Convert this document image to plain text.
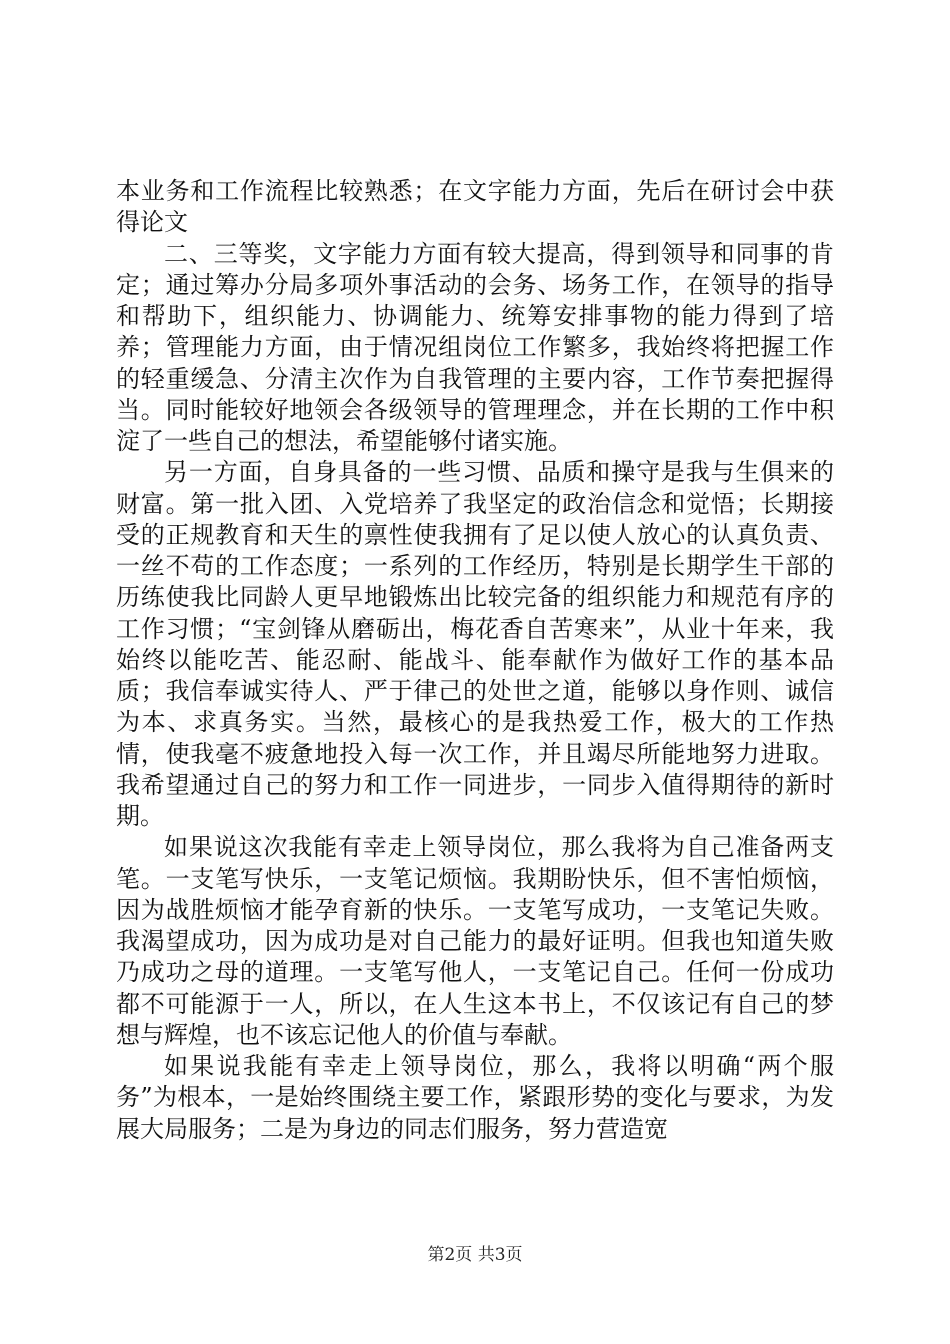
本业务和工作流程比较熟悉；在文字能力方面，先后在研讨会中获得论文

二、三等奖，文字能力方面有较大提高，得到领导和同事的肯定；通过筹办分局多项外事活动的会务、场务工作，在领导的指导和帮助下，组织能力、协调能力、统筹安排事物的能力得到了培养；管理能力方面，由于情况组岗位工作繁多，我始终将把握工作的轻重缓急、分清主次作为自我管理的主要内容，工作节奏把握得当。同时能较好地领会各级领导的管理理念，并在长期的工作中积淀了一些自己的想法，希望能够付诸实施。

另一方面，自身具备的一些习惯、品质和操守是我与生俱来的财富。第一批入团、入党培养了我坚定的政治信念和觉悟；长期接受的正规教育和天生的禀性使我拥有了足以使人放心的认真负责、一丝不苟的工作态度；一系列的工作经历，特别是长期学生干部的历练使我比同龄人更早地锻炼出比较完备的组织能力和规范有序的工作习惯；“宝剑锋从磨砺出，梅花香自苦寒来”，从业十年来，我始终以能吃苦、能忍耐、能战斗、能奉献作为做好工作的基本品质；我信奉诚实待人、严于律己的处世之道，能够以身作则、诚信为本、求真务实。当然，最核心的是我热爱工作，极大的工作热情，使我毫不疲惫地投入每一次工作，并且竭尽所能地努力进取。我希望通过自己的努力和工作一同进步，一同步入值得期待的新时期。

如果说这次我能有幸走上领导岗位，那么我将为自己准备两支笔。一支笔写快乐，一支笔记烦恼。我期盼快乐，但不害怕烦恼，因为战胜烦恼才能孕育新的快乐。一支笔写成功，一支笔记失败。我渴望成功，因为成功是对自己能力的最好证明。但我也知道失败乃成功之母的道理。一支笔写他人，一支笔记自己。任何一份成功都不可能源于一人，所以，在人生这本书上，不仅该记有自己的梦想与辉煌，也不该忘记他人的价值与奉献。

如果说我能有幸走上领导岗位，那么，我将以明确“两个服务”为根本，一是始终围绕主要工作，紧跟形势的变化与要求，为发展大局服务；二是为身边的同志们服务，努力营造宽

第2页 共3页
